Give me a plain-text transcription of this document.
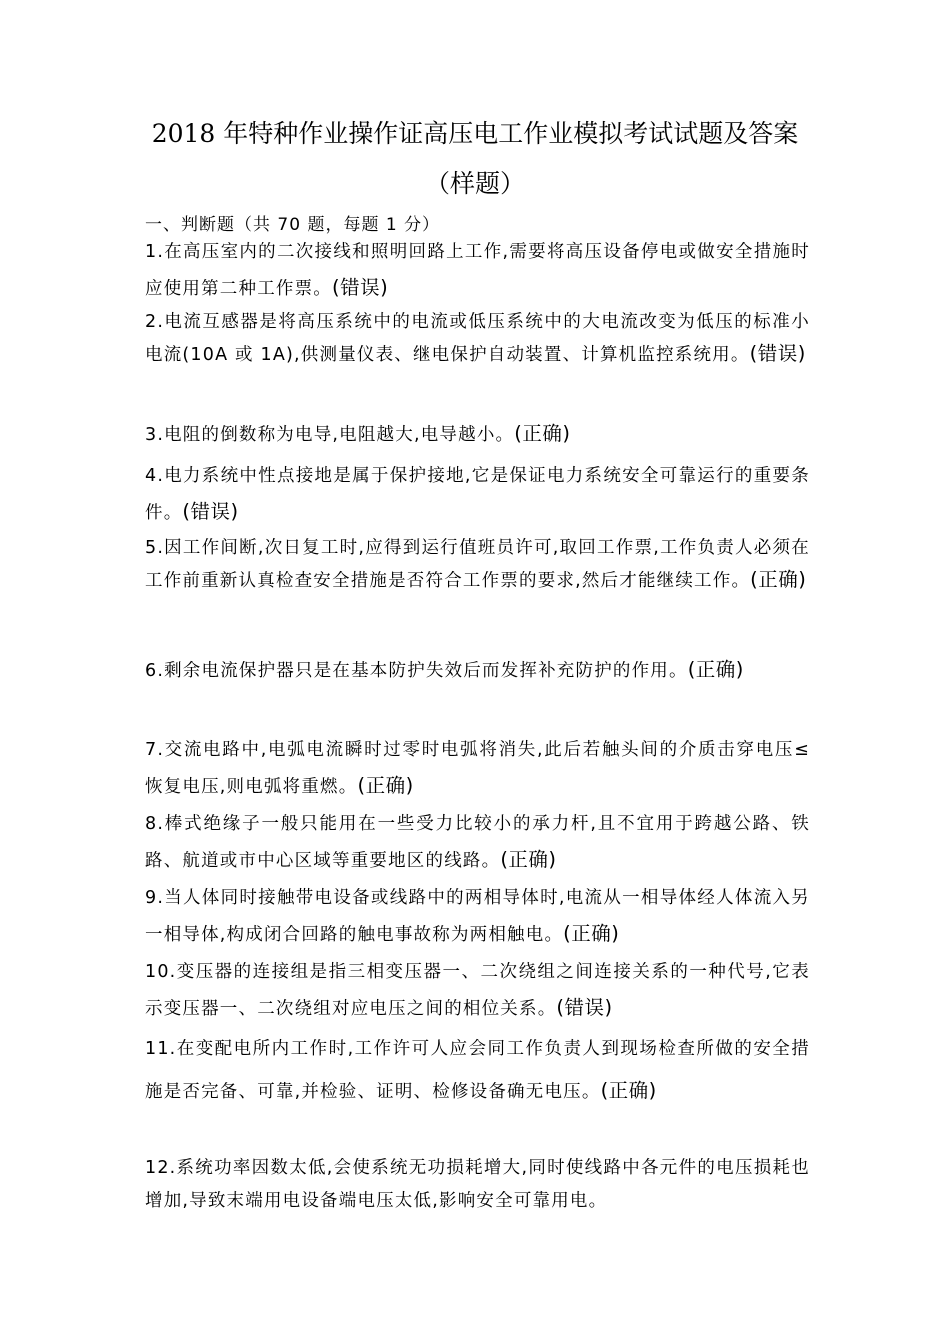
2018 年特种作业操作证高压电工作业模拟考试试题及答案
（样题）
一、判断题（共 70 题，每题 1 分）
1.在高压室内的二次接线和照明回路上工作,需要将高压设备停电或做安全措施时应使用第二种工作票。(错误)
2.电流互感器是将高压系统中的电流或低压系统中的大电流改变为低压的标准小电流(10A 或 1A),供测量仪表、继电保护自动装置、计算机监控系统用。(错误)
3.电阻的倒数称为电导,电阻越大,电导越小。(正确)
4.电力系统中性点接地是属于保护接地,它是保证电力系统安全可靠运行的重要条件。(错误)
5.因工作间断,次日复工时,应得到运行值班员许可,取回工作票,工作负责人必须在工作前重新认真检查安全措施是否符合工作票的要求,然后才能继续工作。(正确)
6.剩余电流保护器只是在基本防护失效后而发挥补充防护的作用。(正确)
7.交流电路中,电弧电流瞬时过零时电弧将消失,此后若触头间的介质击穿电压≤恢复电压,则电弧将重燃。(正确)
8.棒式绝缘子一般只能用在一些受力比较小的承力杆,且不宜用于跨越公路、铁路、航道或市中心区域等重要地区的线路。(正确)
9.当人体同时接触带电设备或线路中的两相导体时,电流从一相导体经人体流入另一相导体,构成闭合回路的触电事故称为两相触电。(正确)
10.变压器的连接组是指三相变压器一、二次绕组之间连接关系的一种代号,它表示变压器一、二次绕组对应电压之间的相位关系。(错误)
11.在变配电所内工作时,工作许可人应会同工作负责人到现场检查所做的安全措施是否完备、可靠,并检验、证明、检修设备确无电压。(正确)
12.系统功率因数太低,会使系统无功损耗增大,同时使线路中各元件的电压损耗也增加,导致末端用电设备端电压太低,影响安全可靠用电。
